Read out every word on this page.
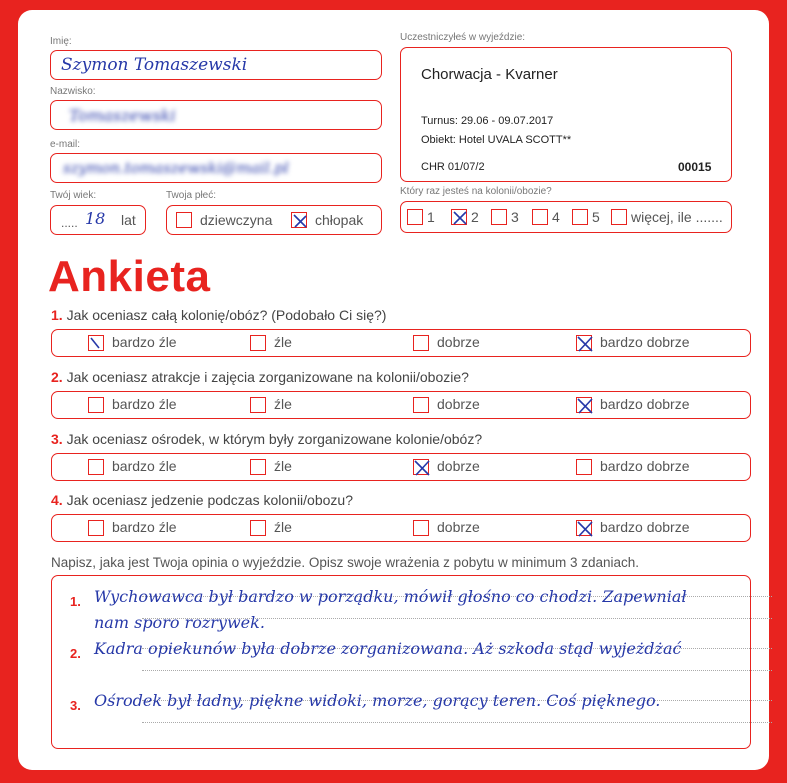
Imię:
Szymon Tomaszewski
Nazwisko:
Tomaszewski
e-mail:
szymon.tomaszewski@mail.pl
Twój wiek:
..... 18 lat
Twoja płeć:
dziewczyna	chłopak
Uczestniczyłeś w wyjeździe:
Chorwacja - Kvarner
Turnus: 29.06 - 09.07.2017
Obiekt: Hotel UVALA SCOTT**
CHR 01/07/2	00015
Który raz jesteś na kolonii/obozie?
1	2 3 4 5 więcej, ile .......
Ankieta
1. Jak oceniasz całą kolonię/obóz? (Podobało Ci się?)
bardzo źle	źle	dobrze	bardzo dobrze
2. Jak oceniasz atrakcje i zajęcia zorganizowane na kolonii/obozie?
bardzo źle	źle	dobrze	bardzo dobrze
3. Jak oceniasz ośrodek, w którym były zorganizowane kolonie/obóz?
bardzo źle	źle	dobrze	bardzo dobrze
4. Jak oceniasz jedzenie podczas kolonii/obozu?
bardzo źle	źle	dobrze	bardzo dobrze
Napisz, jaka jest Twoja opinia o wyjeździe. Opisz swoje wrażenia z pobytu w minimum 3 zdaniach.
1.
2.
3.
Wychowawca był bardzo w porządku, mówił głośno co chodzi. Zapewniał nam sporo rozrywek.
Kadra opiekunów była dobrze zorganizowana. Aż szkoda stąd wyjeżdżać
Ośrodek był ładny, piękne widoki, morze, gorący teren. Coś pięknego.
